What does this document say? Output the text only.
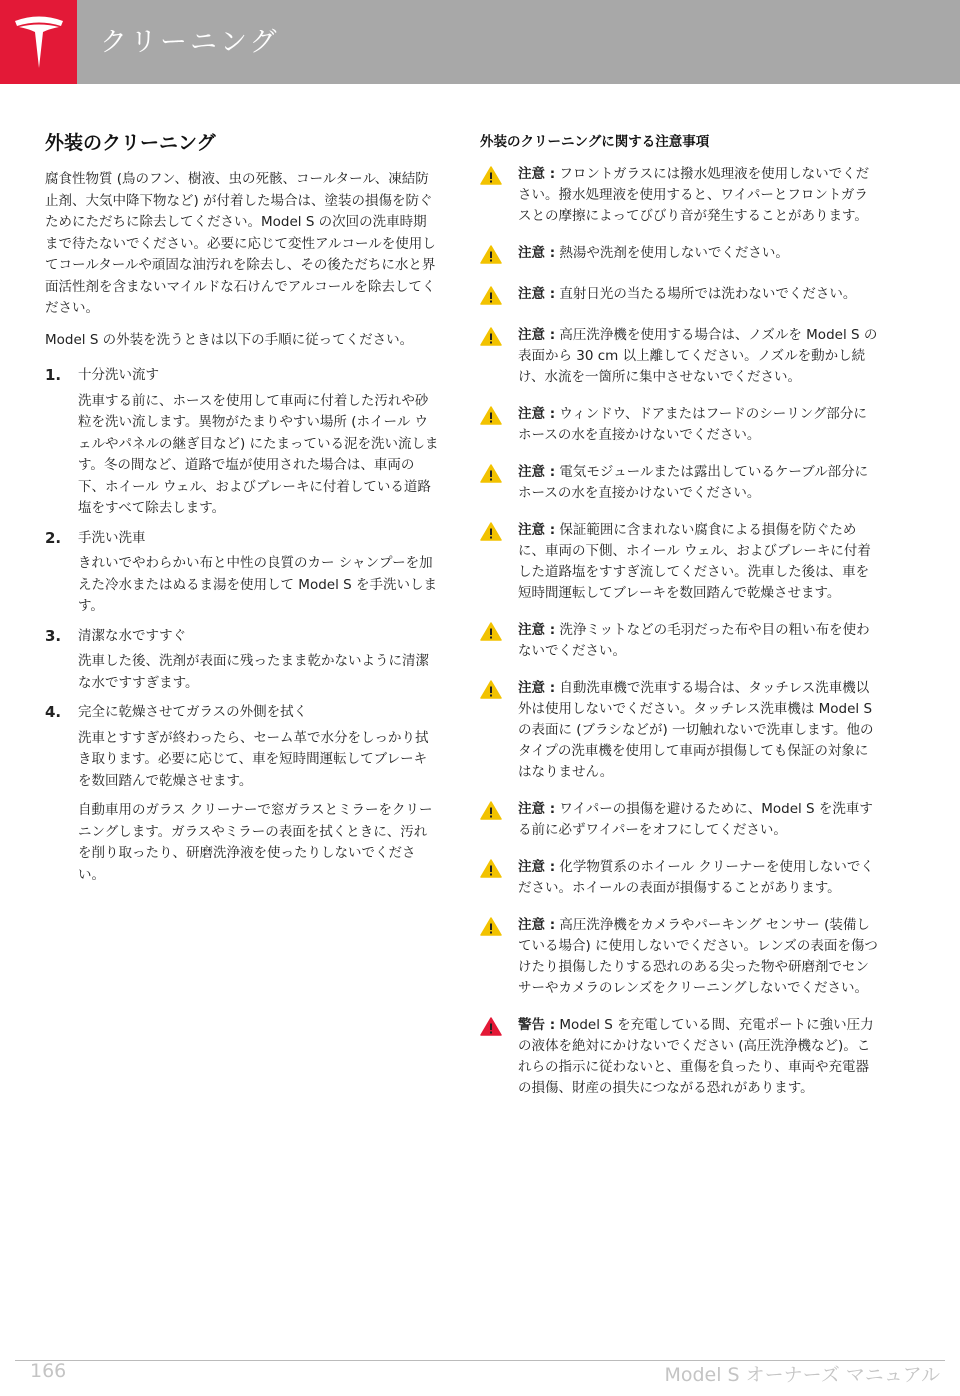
クリーニング
外装のクリーニング
腐食性物質 (鳥のフン、樹液、虫の死骸、コールタール、凍結防止剤、大気中降下物など) が付着した場合は、塗装の損傷を防ぐためにただちに除去してください。Model S の次回の洗車時期まで待たないでください。必要に応じて変性アルコールを使用してコールタールや頑固な油汚れを除去し、その後ただちに水と界面活性剤を含まないマイルドな石けんでアルコールを除去してください。
Model S の外装を洗うときは以下の手順に従ってください。
1.	十分洗い流す
洗車する前に、ホースを使用して車両に付着した汚れや砂粒を洗い流します。異物がたまりやすい場所 (ホイール ウェルやパネルの継ぎ目など) にたまっている泥を洗い流します。冬の間など、道路で塩が使用された場合は、車両の下、ホイール ウェル、およびブレーキに付着している道路塩をすべて除去します。
2.	手洗い洗車
きれいでやわらかい布と中性の良質のカー シャンプーを加えた冷水またはぬるま湯を使用して Model S を手洗いします。
3.	清潔な水ですすぐ
洗車した後、洗剤が表面に残ったまま乾かないように清潔な水ですすぎます。
4.	完全に乾燥させてガラスの外側を拭く
洗車とすすぎが終わったら、セーム革で水分をしっかり拭き取ります。必要に応じて、車を短時間運転してブレーキを数回踏んで乾燥させます。
自動車用のガラス クリーナーで窓ガラスとミラーをクリーニングします。ガラスやミラーの表面を拭くときに、汚れを削り取ったり、研磨洗浄液を使ったりしないでください。
外装のクリーニングに関する注意事項
注意 : フロントガラスには撥水処理液を使用しないでください。撥水処理液を使用すると、ワイパーとフロントガラスとの摩擦によってびびり音が発生することがあります。
注意 : 熱湯や洗剤を使用しないでください。
注意 : 直射日光の当たる場所では洗わないでください。
注意 : 高圧洗浄機を使用する場合は、ノズルを Model S の表面から 30 cm 以上離してください。ノズルを動かし続け、水流を一箇所に集中させないでください。
注意 : ウィンドウ、ドアまたはフードのシーリング部分にホースの水を直接かけないでください。
注意 : 電気モジュールまたは露出しているケーブル部分にホースの水を直接かけないでください。
注意 : 保証範囲に含まれない腐食による損傷を防ぐために、車両の下側、ホイール ウェル、およびブレーキに付着した道路塩をすすぎ流してください。洗車した後は、車を短時間運転してブレーキを数回踏んで乾燥させます。
注意 : 洗浄ミットなどの毛羽だった布や目の粗い布を使わないでください。
注意 : 自動洗車機で洗車する場合は、タッチレス洗車機以外は使用しないでください。タッチレス洗車機は Model S の表面に (ブラシなどが) 一切触れないで洗車します。他のタイプの洗車機を使用して車両が損傷しても保証の対象にはなりません。
注意 : ワイパーの損傷を避けるために、Model S を洗車する前に必ずワイパーをオフにしてください。
注意 : 化学物質系のホイール クリーナーを使用しないでください。ホイールの表面が損傷することがあります。
注意 : 高圧洗浄機をカメラやパーキング センサー (装備している場合) に使用しないでください。レンズの表面を傷つけたり損傷したりする恐れのある尖った物や研磨剤でセンサーやカメラのレンズをクリーニングしないでください。
警告 : Model S を充電している間、充電ポートに強い圧力の液体を絶対にかけないでください (高圧洗浄機など)。これらの指示に従わないと、重傷を負ったり、車両や充電器の損傷、財産の損失につながる恐れがあります。
166	Model S オーナーズ マニュアル
